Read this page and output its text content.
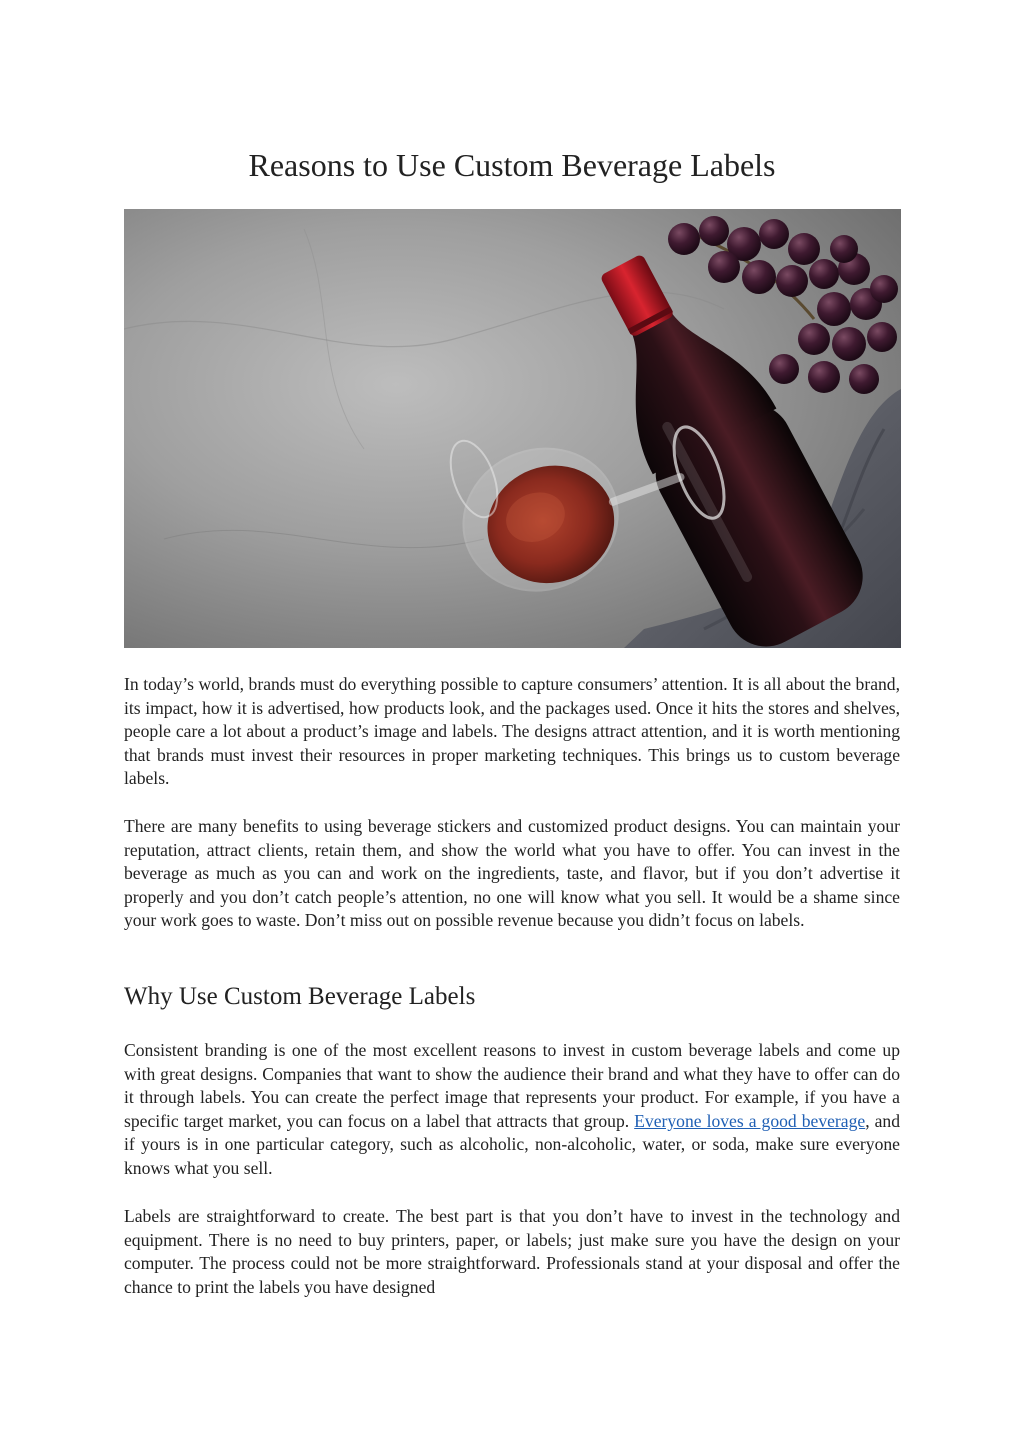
Reasons to Use Custom Beverage Labels

In today’s world, brands must do everything possible to capture consumers’ attention. It is all about the brand, its impact, how it is advertised, how products look, and the packages used. Once it hits the stores and shelves, people care a lot about a product’s image and labels. The designs attract attention, and it is worth mentioning that brands must invest their resources in proper marketing techniques. This brings us to custom beverage labels.

There are many benefits to using beverage stickers and customized product designs. You can maintain your reputation, attract clients, retain them, and show the world what you have to offer. You can invest in the beverage as much as you can and work on the ingredients, taste, and flavor, but if you don’t advertise it properly and you don’t catch people’s attention, no one will know what you sell. It would be a shame since your work goes to waste. Don’t miss out on possible revenue because you didn’t focus on labels.

Why Use Custom Beverage Labels

Consistent branding is one of the most excellent reasons to invest in custom beverage labels and come up with great designs. Companies that want to show the audience their brand and what they have to offer can do it through labels. You can create the perfect image that represents your product. For example, if you have a specific target market, you can focus on a label that attracts that group. Everyone loves a good beverage, and if yours is in one particular category, such as alcoholic, non-alcoholic, water, or soda, make sure everyone knows what you sell.

Labels are straightforward to create. The best part is that you don’t have to invest in the technology and equipment. There is no need to buy printers, paper, or labels; just make sure you have the design on your computer. The process could not be more straightforward. Professionals stand at your disposal and offer the chance to print the labels you have designed
